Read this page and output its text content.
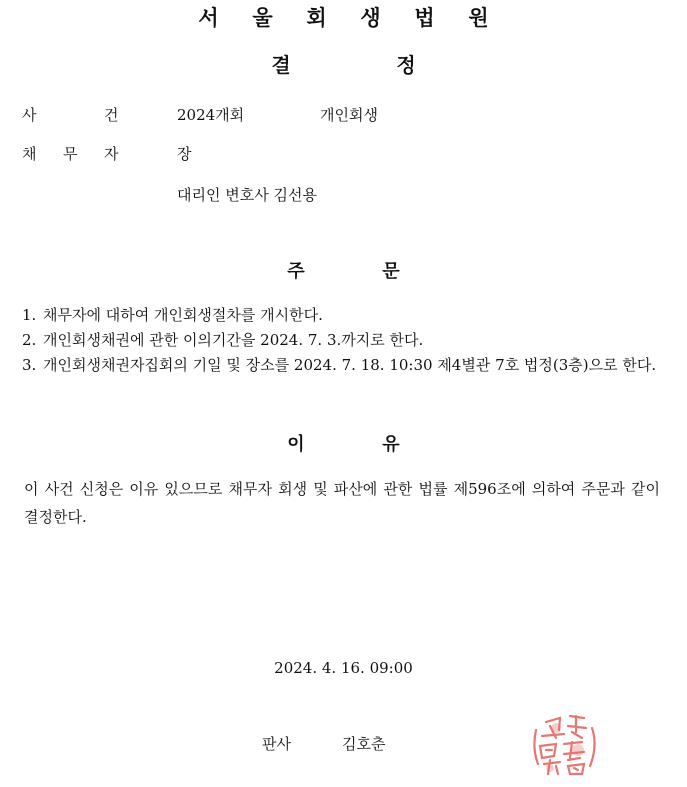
서 울 회 생 법 원
결	정
사	건	2024개회	개인회생
채 무 자	장
대리인 변호사 김선용
주	문
1. 채무자에 대하여 개인회생절차를 개시한다.
2. 개인회생채권에 관한 이의기간을 2024. 7. 3.까지로 한다.
3. 개인회생채권자집회의 기일 및 장소를 2024. 7. 18. 10:30 제4별관 7호 법정(3층)으로 한다.
이	유
이 사건 신청은 이유 있으므로 채무자 회생 및 파산에 관한 법률 제596조에 의하여 주문과 같이 결정한다.
2024. 4. 16. 09:00
판사	김호춘
